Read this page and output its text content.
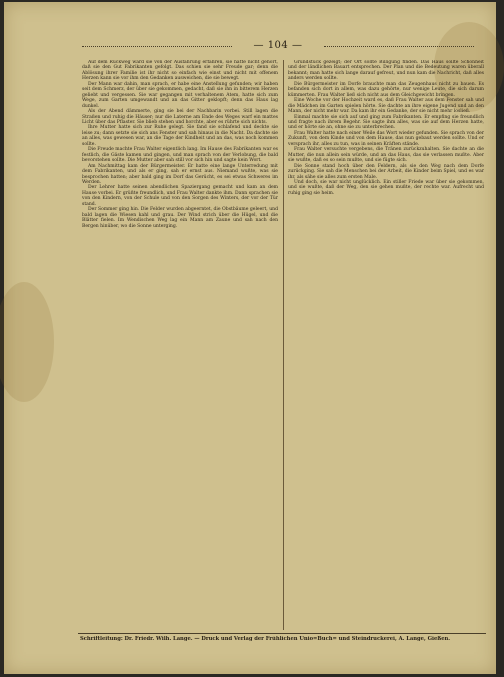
— 104 —

Auf dem Rückweg ward sie von der Ausfahrung erfahren, sie hatte nicht gehört, daß sie den Gut Fabrikanten gefolgt. Das schien sie sehr Freude gar; denn die Ablösung ihrer Familie ist ihr nicht so einfach wie einst und nicht mit offenem Herzen kann sie vor ihm den Gedanken ausweichen, die sie bewegt.

Der Mann war dahin, man sprach, er habe eine Anstellung gefunden; wir haben seit dem Schmerz, der über sie gekommen, gedacht, daß sie ihn in bitterem Herzen geliebt und vergessen. Sie war gegangen mit verhaltenem Atem, hatte sich zum Wege, zum Garten umgewandt und an das Gitter geklopft; denn das Haus lag dunkel.

Als der Abend dämmerte, ging sie bei der Nachbarin vorbei. Still lagen die Straßen und ruhig die Häuser; nur die Laterne am Ende des Weges warf ein mattes Licht über das Pflaster. Sie blieb stehen und horchte, aber es rührte sich nichts.

Ihre Mutter hatte sich zur Ruhe gelegt. Sie fand sie schlafend und deckte sie leise zu; dann setzte sie sich ans Fenster und sah hinaus in die Nacht. Da dachte sie an alles, was gewesen war, an die Tage der Kindheit und an das, was noch kommen sollte.

Die Freude machte Frau Walter eigentlich lang. Im Hause des Fabrikanten war es festlich, die Gäste kamen und gingen, und man sprach von der Verlobung, die bald bevorstehen sollte. Die Mutter aber sah still vor sich hin und sagte kein Wort.

Am Nachmittag kam der Bürgermeister. Er hatte eine lange Unterredung mit dem Fabrikanten, und als er ging, sah er ernst aus. Niemand wußte, was sie besprochen hatten; aber bald ging im Dorf das Gerücht, es sei etwas Schweres im Werden.

Der Lehrer hatte seinen abendlichen Spaziergang gemacht und kam an dem Hause vorbei. Er grüßte freundlich, und Frau Walter dankte ihm. Dann sprachen sie von den Kindern, von der Schule und von den Sorgen des Winters, der vor der Tür stand.

Der Sommer ging hin. Die Felder wurden abgeerntet, die Obstbäume geleert, und bald lagen die Wiesen kahl und grau. Der Wind strich über die Hügel, und die Blätter fielen. Im Wendischen Weg lag ein Mann am Zaune und sah nach den Bergen hinüber, wo die Sonne unterging.

Grundstück gezeigt; der Ort sollte Billigung finden. Das Haus sollte Schönheit und der ländlichen Bauart entsprechen. Der Plan und die Bedeutung waren überall bekannt; man hatte sich lange darauf gefreut, und nun kam die Nachricht, daß alles anders werden sollte.

Die Bürgermeister im Dorfe brauchte man das Zeugenhaus nicht zu bauen. Es befanden sich dort in allem, was dazu gehörte, nur wenige Leute, die sich darum kümmerten. Frau Walter ließ sich nicht aus dem Gleichgewicht bringen.

Eine Woche vor der Hochzeit ward es, daß Frau Walter aus dem Fenster sah und die Mädchen im Garten spielen hörte. Sie dachte an ihre eigene Jugend und an den Mann, der nicht mehr war. Da kam ihr ein Gedanke, der sie nicht mehr losließ.

Einmal machte sie sich auf und ging zum Fabrikanten. Er empfing sie freundlich und fragte nach ihrem Begehr. Sie sagte ihm alles, was sie auf dem Herzen hatte, und er hörte sie an, ohne sie zu unterbrechen.

Frau Walter hatte nach einer Weile das Wort wieder gefunden. Sie sprach von der Zukunft, von dem Kinde und von dem Hause, das nun gebaut werden sollte. Und er versprach ihr, alles zu tun, was in seinen Kräften stände.

Frau Walter versuchte vergebens, die Tränen zurückzuhalten. Sie dachte an die Mutter, die nun allein sein würde, und an das Haus, das sie verlassen mußte. Aber sie wußte, daß es so sein mußte, und sie fügte sich.

Die Sonne stand hoch über den Feldern, als sie den Weg nach dem Dorfe zurückging. Sie sah die Menschen bei der Arbeit, die Kinder beim Spiel, und es war ihr, als sähe sie alles zum ersten Male.

Und doch, sie war nicht unglücklich. Ein stiller Friede war über sie gekommen, und sie wußte, daß der Weg, den sie gehen mußte, der rechte war. Aufrecht und ruhig ging sie heim.

Schriftleitung: Dr. Friedr. Wilh. Lange. — Druck und Verlag der Frühlichen Unio=Buch= und Steindruckerei, A. Lange, Gießen.
